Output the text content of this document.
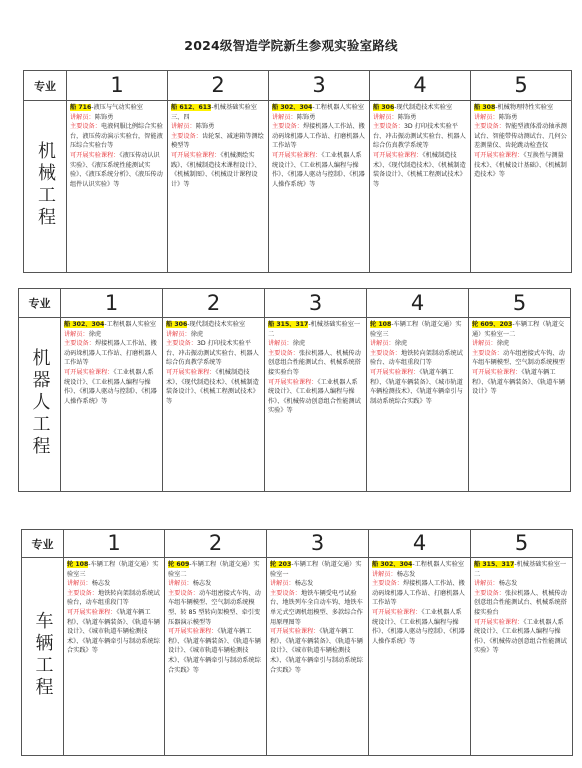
2024级智造学院新生参观实验室路线
专业	1	2	3	4	5
机械工程	船 716-液压与气动实验室
讲解员：陈饰勇
主要设备：电液伺服比例综合实验台，液压传动演示实验台，智能液压综合实验台等
可开展实验课程：《液压传动认识实验》、《液压系统性能测试实验》、《液压系统分析》、《液压传动组件认识实验》等	船 612、613-机械基础实验室三、四
讲解员：陈饰勇
主要设备：齿轮泵、减速箱等测绘模型等
可开展实验课程：《机械测绘实践》、《机械制造技术课程设计》、《机械制图》、《机械设计课程设计》等	船 302、304-工程机器人实验室
讲解员：陈饰勇
主要设备：焊接机器人工作站、搬动码垛机器人工作站、打磨机器人工作站等
可开展实验课程：《工业机器人系统设计》、《工业机器人编程与操作》、《机器人驱动与控制》、《机器人操作系统》等	船 306-现代制造技术实验室
讲解员：陈饰勇
主要设备：3D 打印技术实验平台、冲击振动测试实验台、机器人综合仿真教学系统等
可开展实验课程：《机械制造技术》、《现代制造技术》、《机械制造装备设计》、《机械工程测试技术》等	船 308-机械物理特性实验室
讲解员：陈饰勇
主要设备：智能型液体滑动轴承测试台、智能带传动测试台、几何公差测量仪、齿轮跳动检查仪
可开展实验课程：《互换性与测量技术》、《机械设计基础》、《机械制造技术》等
专业	1	2	3	4	5
机器人工程	船 302、304-工程机器人实验室
讲解员：徐虎
主要设备：焊接机器人工作站、搬动码垛机器人工作站、打磨机器人工作站等
可开展实验课程：《工业机器人系统设计》、《工业机器人编程与操作》、《机器人驱动与控制》、《机器人操作系统》等	船 306-现代制造技术实验室
讲解员：徐虎
主要设备：3D 打印技术实验平台、冲击振动测试实验台、机器人综合仿真教学系统等
可开展实验课程：《机械制造技术》、《现代制造技术》、《机械制造装备设计》、《机械工程测试技术》等	船 315、317-机械基础实验室一二
讲解员：徐虎
主要设备：张拉机器人、机械传动创意组合性能测试台、机械系统搭接实验台等
可开展实验课程：《工业机器人系统设计》、《工业机器人编程与操作》、《机械传动创意组合性能测试实验》等	轮 108-车辆工程（轨道交通）实验室三
讲解员：徐虎
主要设备：地铁转向架制动系统试验台、动车组重段门等
可开展实验课程：《轨道车辆工程》、《轨道车辆装备》、《城市轨道车辆检测技术》、《轨道车辆牵引与制动系统综合实践》等	轮 609、203-车辆工程（轨道交通）实验室一二
讲解员：徐虎
主要设备：动车组密接式车钩、动车组车辆模型、空气制动系统模型
可开展实验课程：《轨道车辆工程》、《轨道车辆装备》、《轨道车辆设计》等
专业	1	2	3	4	5
车辆工程	轮 108-车辆工程（轨道交通）实验室三
讲解员：杨志发
主要设备：地铁转向架制动系统试验台，动车组重段门等
可开展实验课程：《轨道车辆工程》、《轨道车辆装备》、《轨道车辆设计》、《城市轨道车辆检测技术》、《轨道车辆牵引与制动系统综合实践》等	轮 609-车辆工程（轨道交通）实验室二
讲解员：杨志发
主要设备：动车组密接式车钩、动车组车辆模型、空气制动系统模型、转 85 型转向架模型、牵引变压器演示模型等
可开展实验课程：《轨道车辆工程》、《轨道车辆装备》、《轨道车辆设计》、《城市轨道车辆检测技术》、《轨道车辆牵引与制动系统综合实践》等	轮 203-车辆工程（轨道交通）实验室一
讲解员：杨志发
主要设备：地铁车辆受电弓试验台、地铁列车全自动车钩、地铁车单元式空调机组模型、多款综合作用原理图等
可开展实验课程：《轨道车辆工程》、《轨道车辆装备》、《轨道车辆设计》、《城市轨道车辆检测技术》、《轨道车辆牵引与制动系统综合实践》等	船 302、304-工程机器人实验室
讲解员：杨志发
主要设备：焊接机器人工作站、搬动码垛机器人工作站、打磨机器人工作站等
可开展实验课程：《工业机器人系统设计》、《工业机器人编程与操作》、《机器人驱动与控制》、《机器人操作系统》等	船 315、317-机械基础实验室一二
讲解员：杨志发
主要设备：张拉机器人、机械传动创意组合性能测试台、机械系统搭接实验台
可开展实验课程：《工业机器人系统设计》、《工业机器人编程与操作》、《机械传动创意组合性能测试实验》等
